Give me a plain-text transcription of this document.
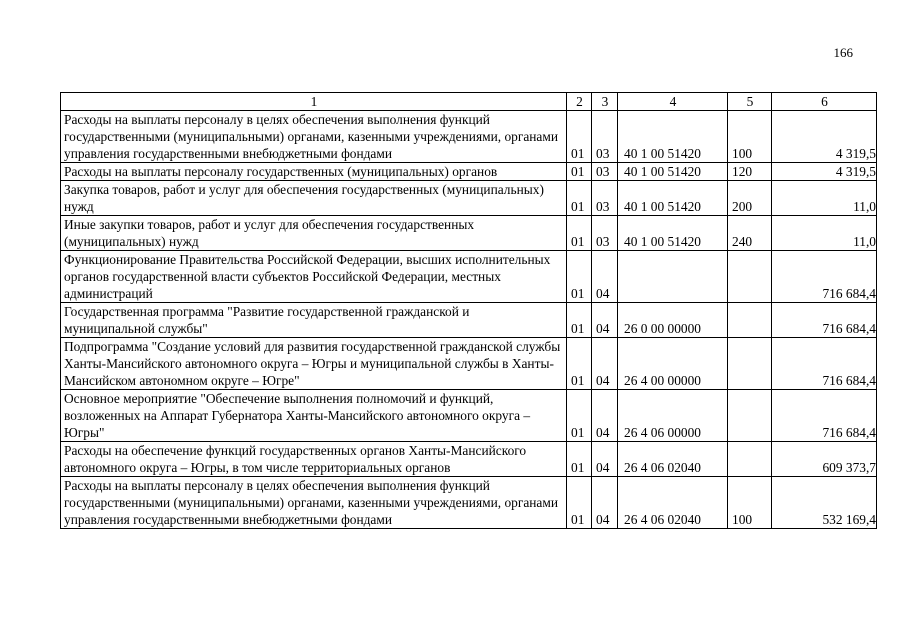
166
1	2	3	4	5	6
Расходы на выплаты персоналу в целях обеспечения выполнения функций государственными (муниципальными) органами, казенными учреждениями, органами управления государственными внебюджетными фондами	01	03	40 1 00 51420	100	4 319,5
Расходы на выплаты персоналу государственных (муниципальных) органов	01	03	40 1 00 51420	120	4 319,5
Закупка товаров, работ и услуг для обеспечения государственных (муниципальных) нужд	01	03	40 1 00 51420	200	11,0
Иные закупки товаров, работ и услуг для обеспечения государственных (муниципальных) нужд	01	03	40 1 00 51420	240	11,0
Функционирование Правительства Российской Федерации, высших исполнительных органов государственной власти субъектов Российской Федерации, местных администраций	01	04			716 684,4
Государственная программа "Развитие государственной гражданской и муниципальной службы"	01	04	26 0 00 00000		716 684,4
Подпрограмма "Создание условий для развития государственной гражданской службы Ханты-Мансийского автономного округа – Югры и муниципальной службы в Ханты-Мансийском автономном округе – Югре"	01	04	26 4 00 00000		716 684,4
Основное мероприятие "Обеспечение выполнения полномочий и функций, возложенных на Аппарат Губернатора Ханты-Мансийского автономного округа – Югры"	01	04	26 4 06 00000		716 684,4
Расходы на обеспечение функций государственных органов Ханты-Мансийского автономного округа – Югры, в том числе территориальных органов	01	04	26 4 06 02040		609 373,7
Расходы на выплаты персоналу в целях обеспечения выполнения функций государственными (муниципальными) органами, казенными учреждениями, органами управления государственными внебюджетными фондами	01	04	26 4 06 02040	100	532 169,4
